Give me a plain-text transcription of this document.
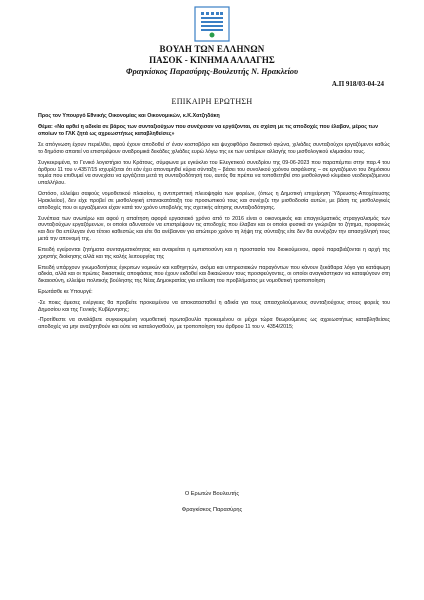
ΒΟΥΛΗ ΤΩΝ ΕΛΛΗΝΩΝ
ΠΑΣΟΚ - ΚΙΝΗΜΑ ΑΛΛΑΓΗΣ
Φραγκίσκος Παρασύρης-Βουλευτής Ν. Ηρακλείου
Α.Π 918/03-04-24
ΕΠΙΚΑΙΡΗ ΕΡΩΤΗΣΗ
Προς τον Υπουργό Εθνικής Οικονομίας και Οικονομικών, κ.Κ.Χατζηδάκη
Θέμα: «Να αρθεί η αδικία σε βάρος των συνταξιούχων που συνέχισαν να εργάζονται, σε σχέση με τις αποδοχές που έλαβαν, μέρος των οποίων το ΓΛΚ ζητά ως αχρεωστήτως καταβληθείσες»

Σε απόγνωση έχουν περιέλθει, αφού έχουν αποδοθεί σ' έναν κοστοβόρο και ψυχοφθόρο δικαστικό αγώνα, χιλιάδες συνταξιούχοι εργαζόμενοι καθώς το δημόσιο απαιτεί να επιστρέψουν αναδρομικά δεκάδες χιλιάδες ευρώ λόγω της εκ των υστέρων αλλαγής του μισθολογικού κλιμακίου τους.

Συγκεκριμένα, το Γενικό λογιστήριο του Κράτους, σύμφωνα με εγκύκλιο του Ελεγκτικού συνεδρίου της 09-06-2023 που παραπέμπει στην παρ.4 του άρθρου 11 του ν.4357/15 ισχυρίζεται ότι εάν έχει αποναμηθεί κύρια σύνταξη – βάσει του συνολικού χρόνου ασφάλισης – σε εργαζόμενο του δημόσιου τομέα που επιθυμεί να συνεχίσει να εργάζεται μετά τη συνταξιοδότησή του, αυτός θα πρέπει να τοποθετηθεί στο μισθολογικό κλιμάκιο νεοδιοριζόμενου υπαλλήλου.

Ωστόσο, ελλείψει σαφούς νομοθετικού πλαισίου, η αντιπριπτική πλειοψηφία των φορέων, (όπως η Δημοτική επιχείρηση Ύδρευσης-Αποχέτευσης Ηρακλείου), δεν είχε προβεί σε μισθολογική επανακατάταξη του προσωπικού τους και συνέχιζε την μισθοδοσία αυτών, με βάση τις μισθολογικές αποδοχές που οι εργαζόμενοι είχαν κατά τον χρόνο υποβολής της σχετικής αίτησης συνταξιοδότησης.

Συνέπεια των ανωτέρω και αφού η απαίτηση αφορά εργασιακό χρόνο από το 2016 είναι ο οικονομικός και επαγγελματικός στραγγαλισμός των συνταξιούχων εργαζόμενων, οι οποίοι αδυνατούν να επιστρέψουν τις αποδοχές που έλαβαν και οι οποίοι φυσικά αν γνώριζαν το ζήτημα, προφανώς και δεν θα επέλεγαν ένα τέτοιο καθεστώς και είτε θα ανέβαιναν για απώτερο χρόνο τη λήψη της σύνταξης είτε δεν θα συνέχιζαν την απασχόλησή τους μετά την απονομή της.

Επειδή εγείρονται ζητήματα συνταγματικότητας και αναιρείται η εμπιστοσύνη και η προστασία του διοικούμενου, αφού παραβιάζονται η αρχή της χρηστής διοίκησης αλλά και της καλής λειτουργίας της

Επειδή υπάρχουν γνωμοδοτήσεις έγκριτων νομικών και καθηγητών, ακόμα και υπηρεσιακών παραγόντων που κάνουν ξεκάθαρα λόγο για κατάφωρη αδικία, αλλά και οι πρώτες δικαστικές αποφάσεις που έχουν εκδοθεί και δικαιώνουν τους προσφεύγοντες, οι οποίοι αναγκάστηκαν να καταφύγουν στη δικαιοσύνη, ελλείψει πολιτικής βούλησης της Νέας Δημοκρατίας για επίλυση του προβλήματος με νομοθετική τροποποίηση

Ερωτάσθε κε Υπουργέ:

-Σε ποιες άμεσες ενέργειες θα προβείτε προκειμένου να αποκατασταθεί η αδικία για τους απασχολούμενους συνταξιούχους στους φορείς του Δημοσίου και της Γενικής Κυβέρνησης;

-Προτίθεστε να αναλάβετε συγκεκριμένη νομοθετική πρωτοβουλία προκειμένου οι μέχρι τώρα θεωρούμενες ως αχρεωστήτως καταβληθείσες αποδοχές να μην αναζητηθούν και ούτε να καταλογισθούν, με τροποποίηση του άρθρου 11 του ν. 4354/2015;

Ο Ερωτών Βουλευτής
Φραγκίσκος Παρασύρης
